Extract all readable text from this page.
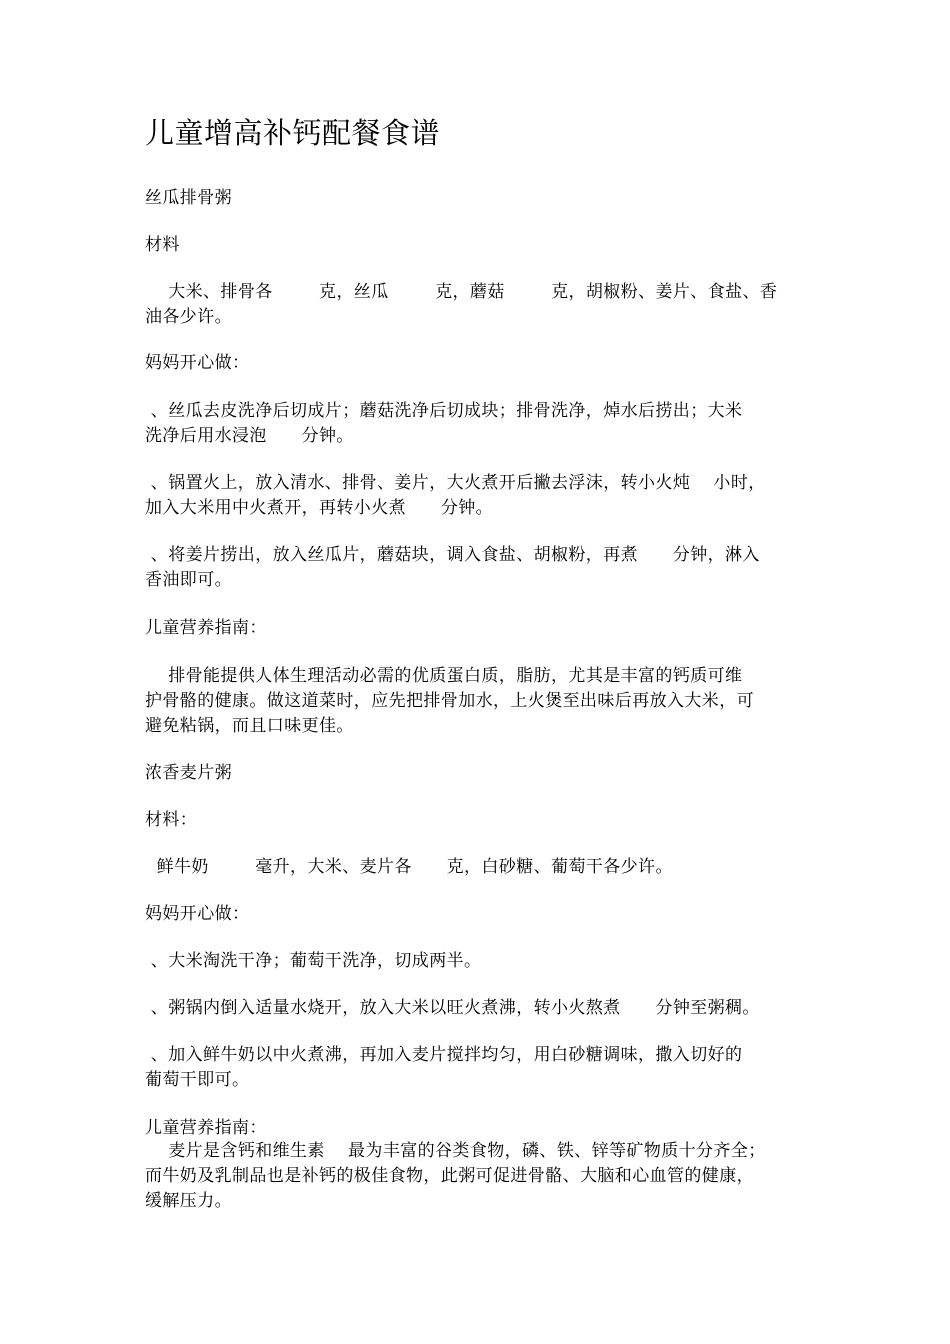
儿童增高补钙配餐食谱
丝瓜排骨粥
材料
大米、排骨各        克，丝瓜        克，蘑菇        克，胡椒粉、姜片、食盐、香
油各少许。
妈妈开心做：
、丝瓜去皮洗净后切成片；蘑菇洗净后切成块；排骨洗净，焯水后捞出；大米
洗净后用水浸泡      分钟。
、锅置火上，放入清水、排骨、姜片，大火煮开后撇去浮沫，转小火炖    小时，
加入大米用中火煮开，再转小火煮      分钟。
、将姜片捞出，放入丝瓜片，蘑菇块，调入食盐、胡椒粉，再煮      分钟，淋入
香油即可。
儿童营养指南：
排骨能提供人体生理活动必需的优质蛋白质，脂肪，尤其是丰富的钙质可维
护骨骼的健康。做这道菜时，应先把排骨加水，上火煲至出味后再放入大米，可
避免粘锅，而且口味更佳。
浓香麦片粥
材料：
鲜牛奶        毫升，大米、麦片各      克，白砂糖、葡萄干各少许。
妈妈开心做：
、大米淘洗干净；葡萄干洗净，切成两半。
、粥锅内倒入适量水烧开，放入大米以旺火煮沸，转小火熬煮      分钟至粥稠。
、加入鲜牛奶以中火煮沸，再加入麦片搅拌均匀，用白砂糖调味，撒入切好的
葡萄干即可。
儿童营养指南：
麦片是含钙和维生素    最为丰富的谷类食物，磷、铁、锌等矿物质十分齐全；
而牛奶及乳制品也是补钙的极佳食物，此粥可促进骨骼、大脑和心血管的健康，
缓解压力。
